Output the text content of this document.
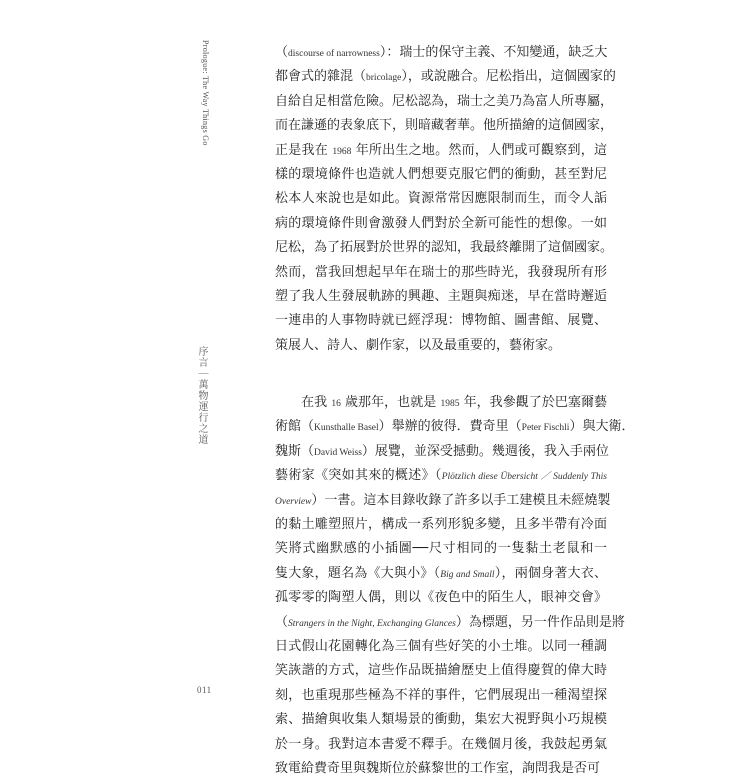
Prologue: The Way Things Go
序言｜萬物運行之道
011
（discourse of narrowness）：瑞士的保守主義、不知變通，缺乏大
都會式的雜混（bricolage），或說融合。尼松指出，這個國家的
自給自足相當危險。尼松認為，瑞士之美乃為富人所專屬，
而在謙遜的表象底下，則暗藏奢華。他所描繪的這個國家，
正是我在 1968 年所出生之地。然而，人們或可觀察到，這
樣的環境條件也造就人們想要克服它們的衝動，甚至對尼
松本人來說也是如此。資源常常因應限制而生，而令人詬
病的環境條件則會激發人們對於全新可能性的想像。一如
尼松，為了拓展對於世界的認知，我最終離開了這個國家。
然而，當我回想起早年在瑞士的那些時光，我發現所有形
塑了我人生發展軌跡的興趣、主題與痴迷，早在當時邂逅
一連串的人事物時就已經浮現：博物館、圖書館、展覽、
策展人、詩人、劇作家，以及最重要的，藝術家。
　　在我 16 歲那年，也就是 1985 年，我參觀了於巴塞爾藝
術館（Kunsthalle Basel）舉辦的彼得．費奇里（Peter Fischli）與大衛．
魏斯（David Weiss）展覽，並深受撼動。幾週後，我入手兩位
藝術家《突如其來的概述》（Plötzlich diese Übersicht ／ Suddenly This
Overview）一書。這本目錄收錄了許多以手工建模且未經燒製
的黏土雕塑照片，構成一系列形貌多變，且多半帶有冷面
笑將式幽默感的小插圖──尺寸相同的一隻黏土老鼠和一
隻大象，題名為《大與小》（Big and Small），兩個身著大衣、
孤零零的陶塑人偶，則以《夜色中的陌生人，眼神交會》
（Strangers in the Night, Exchanging Glances）為標題，另一件作品則是將
日式假山花園轉化為三個有些好笑的小土堆。以同一種調
笑詼諧的方式，這些作品既描繪歷史上值得慶賀的偉大時
刻，也重現那些極為不祥的事件，它們展現出一種渴望探
索、描繪與收集人類場景的衝動，集宏大視野與小巧規模
於一身。我對這本書愛不釋手。在幾個月後，我鼓起勇氣
致電給費奇里與魏斯位於蘇黎世的工作室，詢問我是否可
